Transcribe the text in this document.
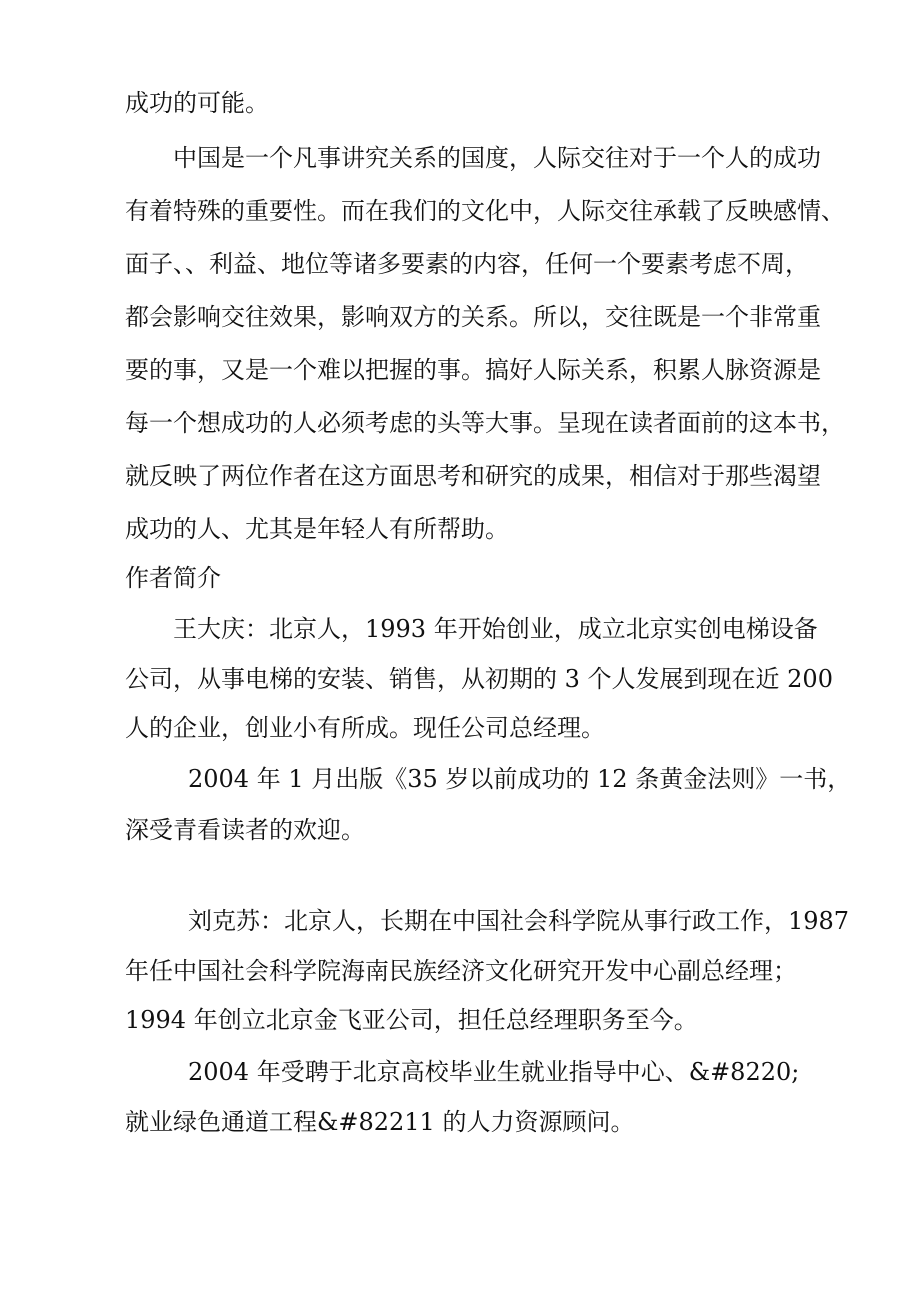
成功的可能。
中国是一个凡事讲究关系的国度，人际交往对于一个人的成功
有着特殊的重要性。而在我们的文化中，人际交往承载了反映感情、
面子、、利益、地位等诸多要素的内容，任何一个要素考虑不周，
都会影响交往效果，影响双方的关系。所以，交往既是一个非常重
要的事，又是一个难以把握的事。搞好人际关系，积累人脉资源是
每一个想成功的人必须考虑的头等大事。呈现在读者面前的这本书，
就反映了两位作者在这方面思考和研究的成果，相信对于那些渴望
成功的人、尤其是年轻人有所帮助。
作者简介
王大庆：北京人，1993 年开始创业，成立北京实创电梯设备
公司，从事电梯的安装、销售，从初期的 3 个人发展到现在近 200
人的企业，创业小有所成。现任公司总经理。
2004 年 1 月出版《35 岁以前成功的 12 条黄金法则》一书，
深受青看读者的欢迎。
刘克苏：北京人，长期在中国社会科学院从事行政工作，1987
年任中国社会科学院海南民族经济文化研究开发中心副总经理；
1994 年创立北京金飞亚公司，担任总经理职务至今。
2004 年受聘于北京高校毕业生就业指导中心、&#8220;
就业绿色通道工程&#82211 的人力资源顾问。
